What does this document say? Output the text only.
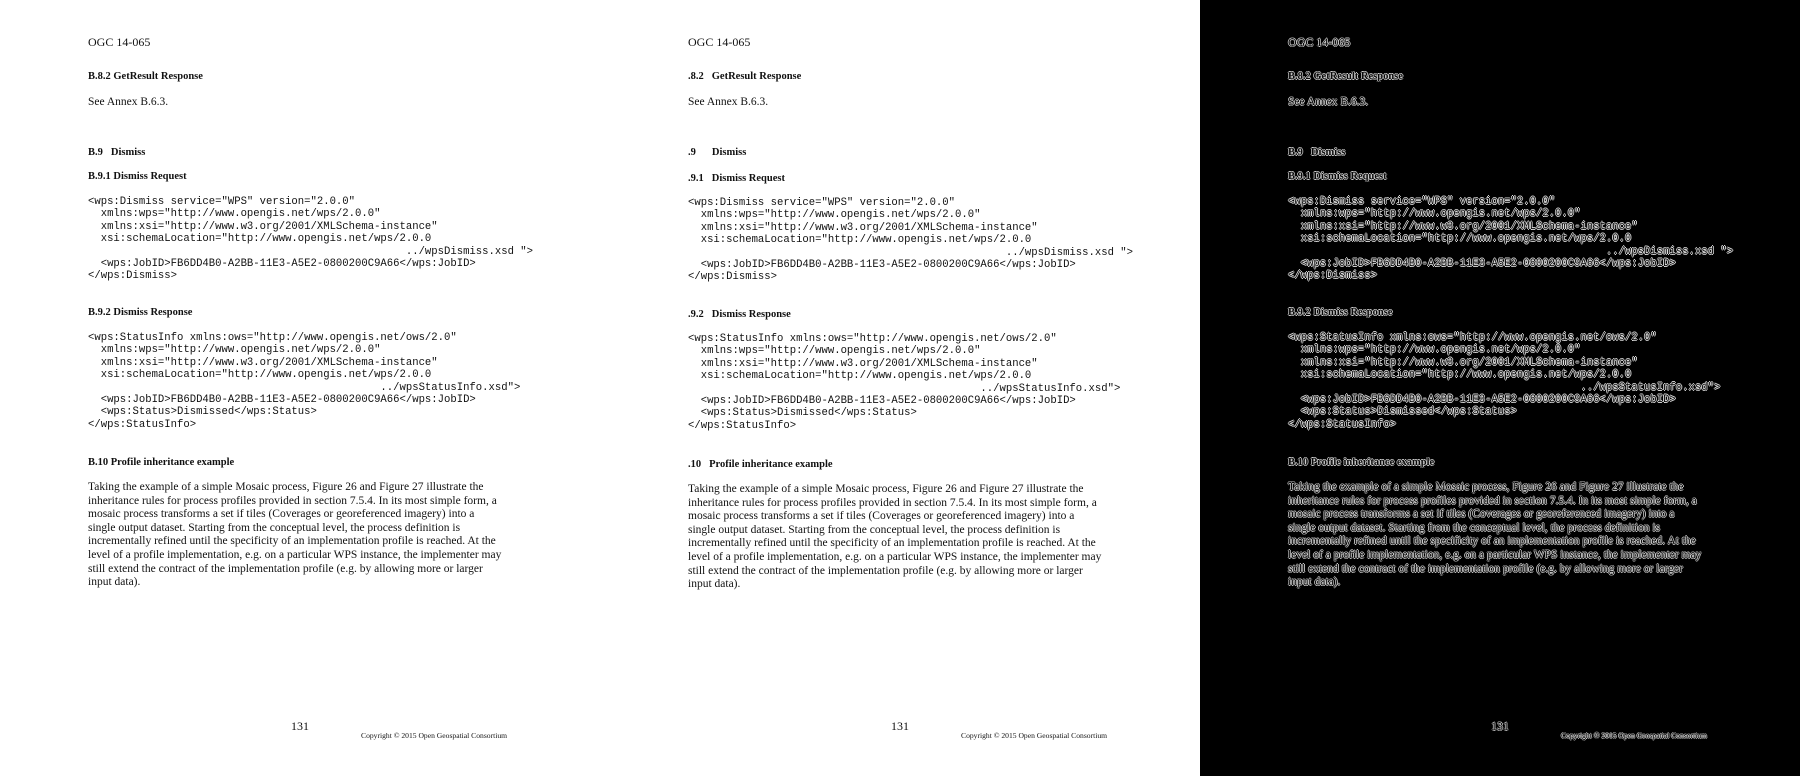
OGC 14-065
B.8.2 GetResult Response
See Annex B.6.3.
B.9 Dismiss
B.9.1 Dismiss Request
<wps:Dismiss service="WPS" version="2.0.0"
xmlns:wps="http://www.opengis.net/wps/2.0.0"
xmlns:xsi="http://www.w3.org/2001/XMLSchema-instance"
xsi:schemaLocation="http://www.opengis.net/wps/2.0.0
../wpsDismiss.xsd ">
<wps:JobID>FB6DD4B0-A2BB-11E3-A5E2-0800200C9A66</wps:JobID>
</wps:Dismiss>
B.9.2 Dismiss Response
<wps:StatusInfo xmlns:ows="http://www.opengis.net/ows/2.0"
xmlns:wps="http://www.opengis.net/wps/2.0.0"
xmlns:xsi="http://www.w3.org/2001/XMLSchema-instance"
xsi:schemaLocation="http://www.opengis.net/wps/2.0.0
../wpsStatusInfo.xsd">
<wps:JobID>FB6DD4B0-A2BB-11E3-A5E2-0800200C9A66</wps:JobID>
<wps:Status>Dismissed</wps:Status>
</wps:StatusInfo>
B.10 Profile inheritance example
Taking the example of a simple Mosaic process, Figure 26 and Figure 27 illustrate the
inheritance rules for process profiles provided in section 7.5.4. In its most simple form, a
mosaic process transforms a set if tiles (Coverages or georeferenced imagery) into a
single output dataset. Starting from the conceptual level, the process definition is
incrementally refined until the specificity of an implementation profile is reached. At the
level of a profile implementation, e.g. on a particular WPS instance, the implementer may
still extend the contract of the implementation profile (e.g. by allowing more or larger
input data).
131
Copyright © 2015 Open Geospatial Consortium
OGC 14-065
.8.2 GetResult Response
See Annex B.6.3.
.9 Dismiss
.9.1 Dismiss Request
<wps:Dismiss service="WPS" version="2.0.0"
xmlns:wps="http://www.opengis.net/wps/2.0.0"
xmlns:xsi="http://www.w3.org/2001/XMLSchema-instance"
xsi:schemaLocation="http://www.opengis.net/wps/2.0.0
../wpsDismiss.xsd ">
<wps:JobID>FB6DD4B0-A2BB-11E3-A5E2-0800200C9A66</wps:JobID>
</wps:Dismiss>
.9.2 Dismiss Response
<wps:StatusInfo xmlns:ows="http://www.opengis.net/ows/2.0"
xmlns:wps="http://www.opengis.net/wps/2.0.0"
xmlns:xsi="http://www.w3.org/2001/XMLSchema-instance"
xsi:schemaLocation="http://www.opengis.net/wps/2.0.0
../wpsStatusInfo.xsd">
<wps:JobID>FB6DD4B0-A2BB-11E3-A5E2-0800200C9A66</wps:JobID>
<wps:Status>Dismissed</wps:Status>
</wps:StatusInfo>
.10 Profile inheritance example
Taking the example of a simple Mosaic process, Figure 26 and Figure 27 illustrate the
inheritance rules for process profiles provided in section 7.5.4. In its most simple form, a
mosaic process transforms a set if tiles (Coverages or georeferenced imagery) into a
single output dataset. Starting from the conceptual level, the process definition is
incrementally refined until the specificity of an implementation profile is reached. At the
level of a profile implementation, e.g. on a particular WPS instance, the implementer may
still extend the contract of the implementation profile (e.g. by allowing more or larger
input data).
131
Copyright © 2015 Open Geospatial Consortium
OGC 14-065
B.8.2 GetResult Response
See Annex B.6.3.
B.9 Dismiss
B.9.1 Dismiss Request
<wps:Dismiss service="WPS" version="2.0.0"
xmlns:wps="http://www.opengis.net/wps/2.0.0"
xmlns:xsi="http://www.w3.org/2001/XMLSchema-instance"
xsi:schemaLocation="http://www.opengis.net/wps/2.0.0
../wpsDismiss.xsd ">
<wps:JobID>FB6DD4B0-A2BB-11E3-A5E2-0800200C9A66</wps:JobID>
</wps:Dismiss>
B.9.2 Dismiss Response
<wps:StatusInfo xmlns:ows="http://www.opengis.net/ows/2.0"
xmlns:wps="http://www.opengis.net/wps/2.0.0"
xmlns:xsi="http://www.w3.org/2001/XMLSchema-instance"
xsi:schemaLocation="http://www.opengis.net/wps/2.0.0
../wpsStatusInfo.xsd">
<wps:JobID>FB6DD4B0-A2BB-11E3-A5E2-0800200C9A66</wps:JobID>
<wps:Status>Dismissed</wps:Status>
</wps:StatusInfo>
B.10 Profile inheritance example
Taking the example of a simple Mosaic process, Figure 26 and Figure 27 illustrate the
inheritance rules for process profiles provided in section 7.5.4. In its most simple form, a
mosaic process transforms a set if tiles (Coverages or georeferenced imagery) into a
single output dataset. Starting from the conceptual level, the process definition is
incrementally refined until the specificity of an implementation profile is reached. At the
level of a profile implementation, e.g. on a particular WPS instance, the implementer may
still extend the contract of the implementation profile (e.g. by allowing more or larger
input data).
131
Copyright © 2015 Open Geospatial Consortium
